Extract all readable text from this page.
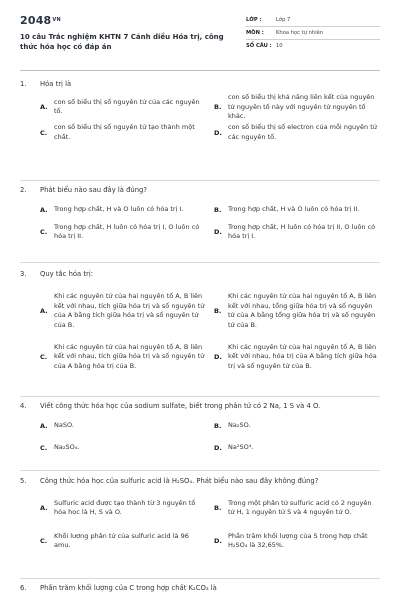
$2048^{VN}$
10 câu Trắc nghiệm KHTN 7 Cánh diều Hóa trị, công thức hóa học có đáp án
LỚP :	Lớp 7
MÔN :	Khoa học tự nhiên
SỐ CÂU : 10
1.	Hóa trị là
A.
con số biểu thị số nguyên tử của các nguyên tố.	B.
con số biểu thị khả năng liên kết của nguyên tử nguyên tố này với nguyên tử nguyên tố khác.
C.
con số biểu thị số nguyên tử tạo thành một chất.	D.
con số biểu thị số electron của mỗi nguyên tử các nguyên tố.
2.	Phát biểu nào sau đây là đúng?
A. Trong hợp chất, H và O luôn có hóa trị I.	B.	Trong hợp chất, H và O luôn có hóa trị II.
C.
Trong hợp chất, H luôn có hóa trị I, O luôn có hóa trị II.	D.
Trong hợp chất, H luôn có hóa trị II, O luôn có hóa trị I.
3.	Quy tắc hóa trị:
A.
Khi các nguyên tử của hai nguyên tố A, B liên kết với nhau, tích giữa hóa trị và số nguyên tử của A bằng tích giữa hóa trị và số nguyên tử của B.
B.
Khi các nguyên tử của hai nguyên tố A, B liên kết với nhau, tổng giữa hóa trị và số nguyên tử của A bằng tổng giữa hóa trị và số nguyên tử của B.
C.
Khi các nguyên tử của hai nguyên tố A, B liên kết với nhau, tích giữa hóa trị và số nguyên tử của A bằng hóa trị của B.
D.
Khi các nguyên tử của hai nguyên tố A, B liên kết với nhau, hóa trị của A bằng tích giữa hóa trị và số nguyên tử của B.
4.	Viết công thức hóa học của sodium sulfate, biết trong phân tử có 2 Na, 1 S và 4 O.
A. NaSO.	B.	Na₂SO.
C.	Na₂SO₄.	D. Na²SO⁴.
5.	Công thức hóa học của sulfuric acid là H₂SO₄. Phát biểu nào sau đây không đúng?
A.
Sulfuric acid được tạo thành từ 3 nguyên tố hóa học là H, S và O.	B.
Trong một phân tử sulfuric acid có 2 nguyên tử H, 1 nguyên tử S và 4 nguyên tử O.
C.
Khối lượng phân tử của sulfuric acid là 96 amu.	D.
Phần trăm khối lượng của S trong hợp chất H₂SO₄ là 32,65%.
6.	Phần trăm khối lượng của C trong hợp chất K₂CO₃ là
